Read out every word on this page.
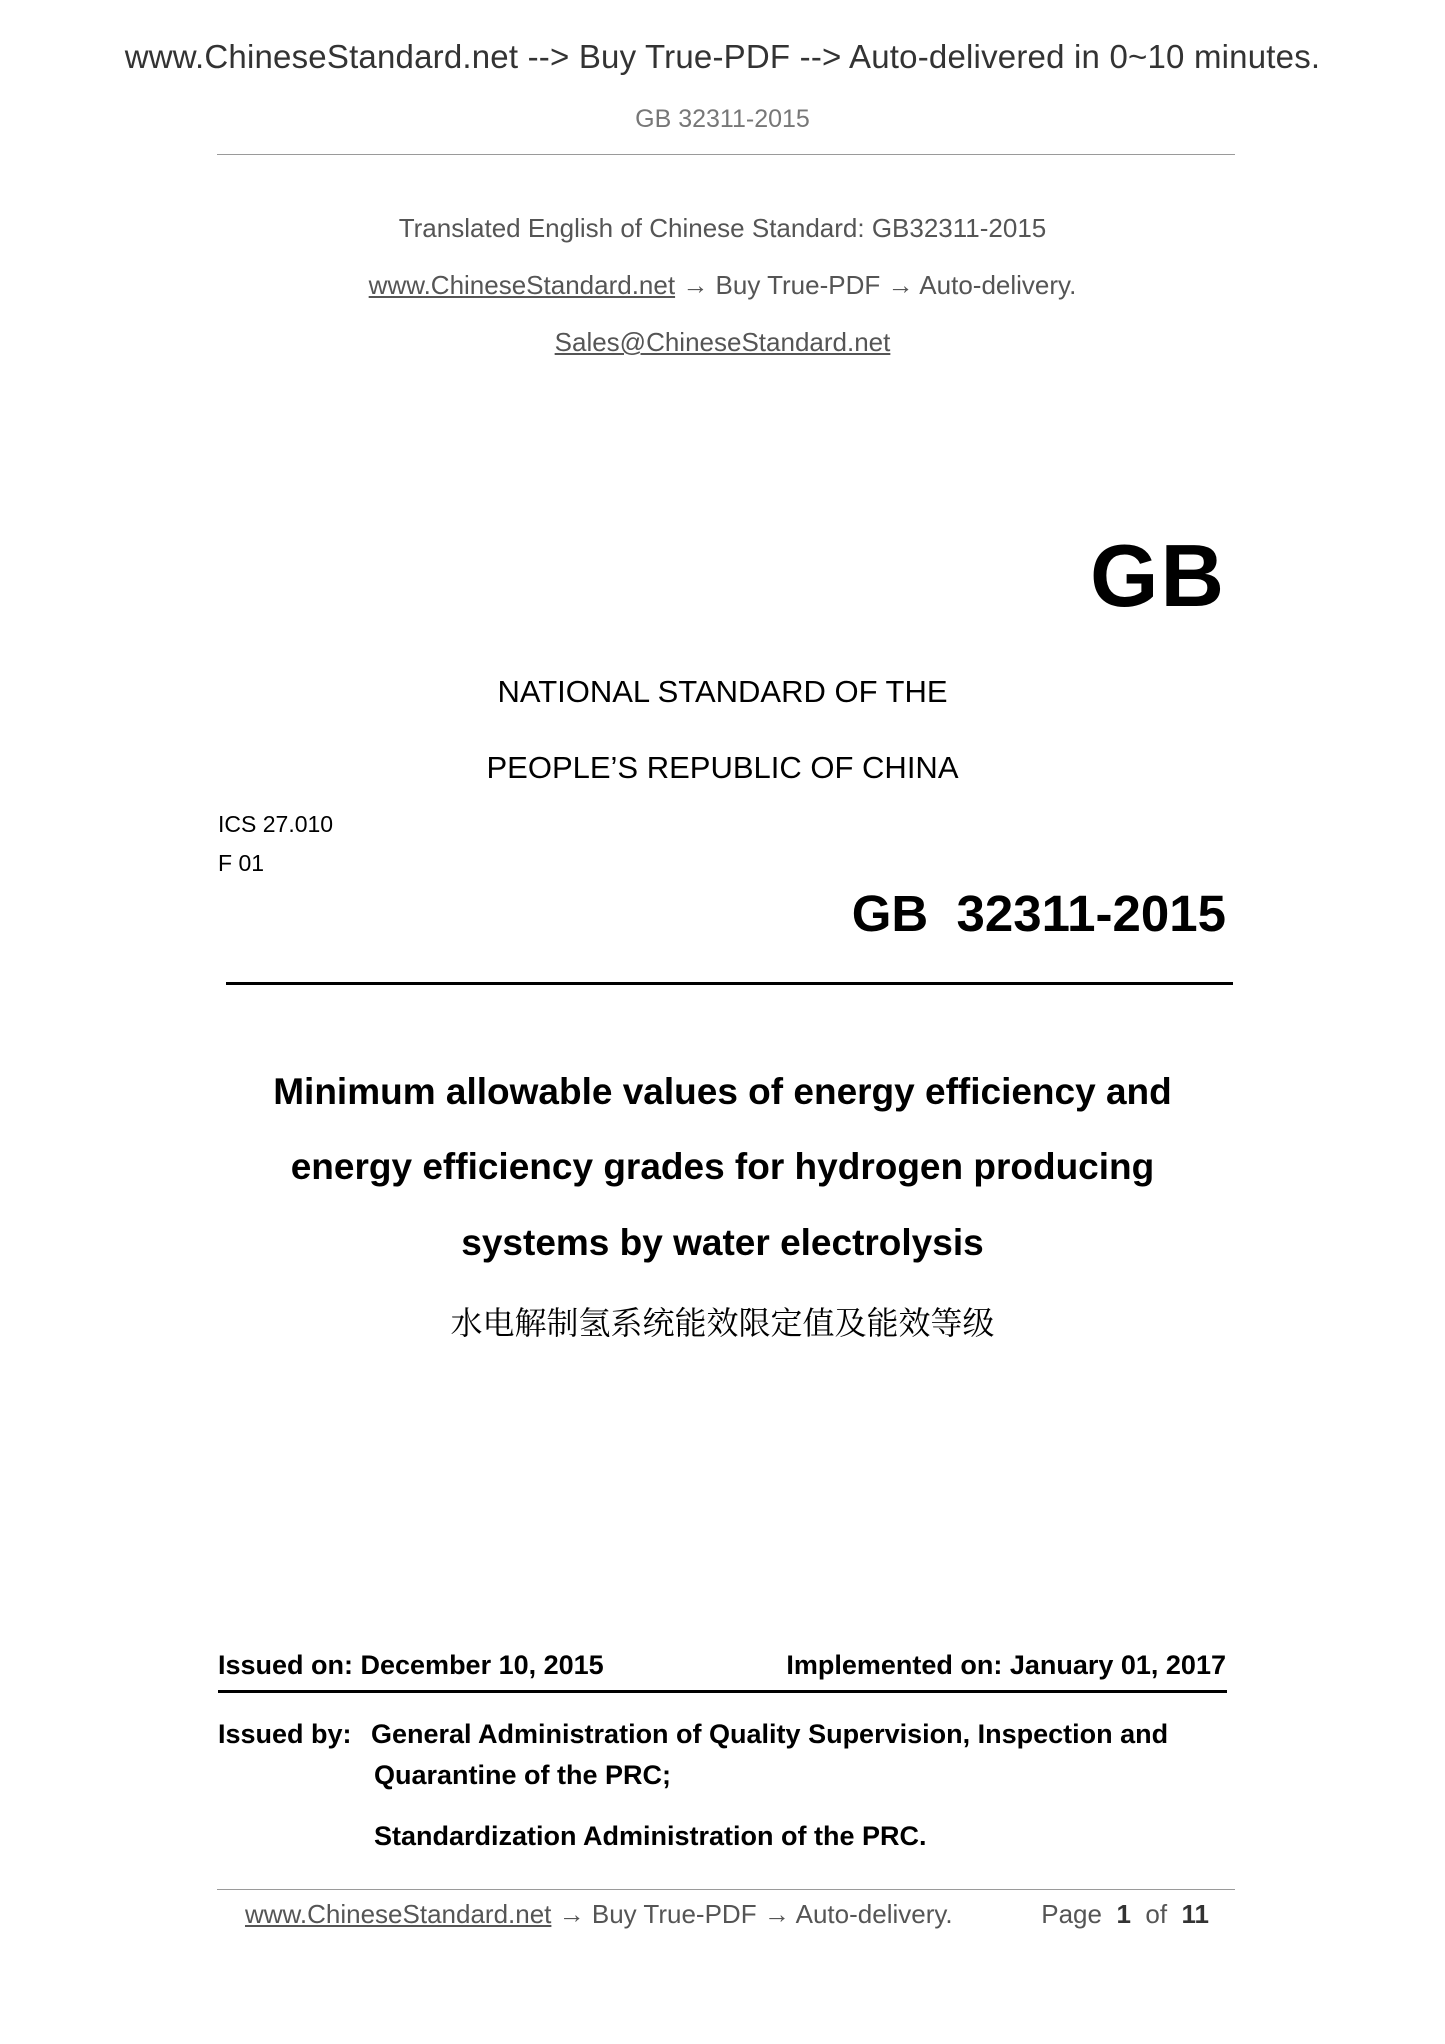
www.ChineseStandard.net --> Buy True-PDF --> Auto-delivered in 0~10 minutes.
GB 32311-2015
Translated English of Chinese Standard: GB32311-2015
www.ChineseStandard.net → Buy True-PDF → Auto-delivery.
Sales@ChineseStandard.net
GB
NATIONAL STANDARD OF THE
PEOPLE’S REPUBLIC OF CHINA
ICS 27.010
F 01
GB  32311-2015
Minimum allowable values of energy efficiency and
energy efficiency grades for hydrogen producing
systems by water electrolysis
水电解制氢系统能效限定值及能效等级
Issued on: December 10, 2015	Implemented on: January 01, 2017
Issued by: General Administration of Quality Supervision, Inspection and
Quarantine of the PRC;
Standardization Administration of the PRC.
www.ChineseStandard.net → Buy True-PDF → Auto-delivery.	Page 1 of 11
